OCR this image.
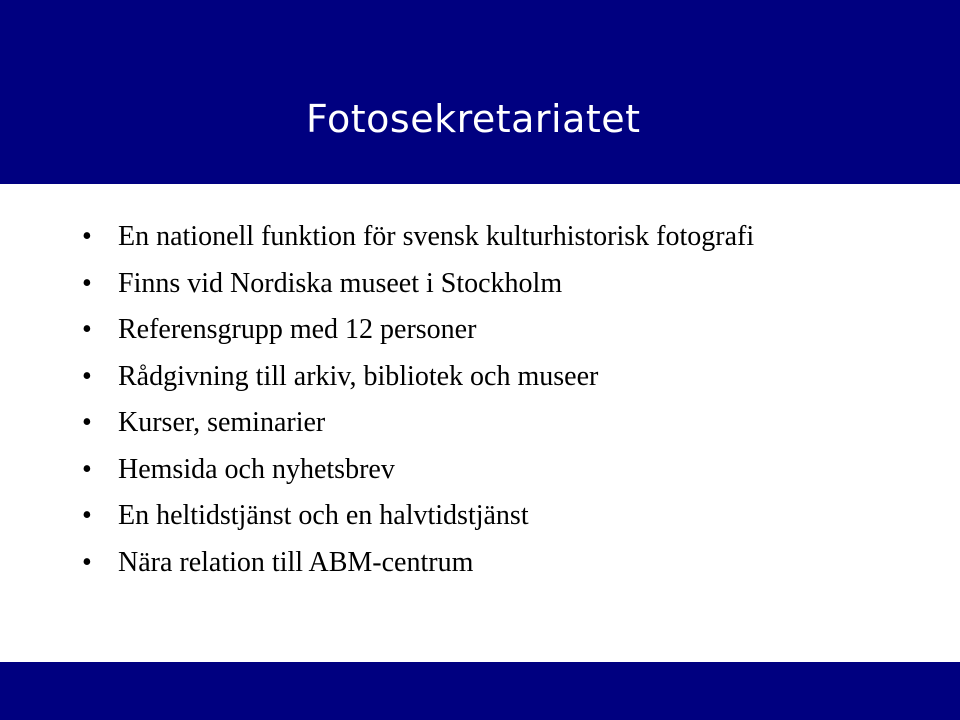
Fotosekretariatet
• En nationell funktion för svensk kulturhistorisk fotografi
• Finns vid Nordiska museet i Stockholm
• Referensgrupp med 12 personer
• Rådgivning till arkiv, bibliotek och museer
• Kurser, seminarier
• Hemsida och nyhetsbrev
• En heltidstjänst och en halvtidstjänst
• Nära relation till ABM-centrum
